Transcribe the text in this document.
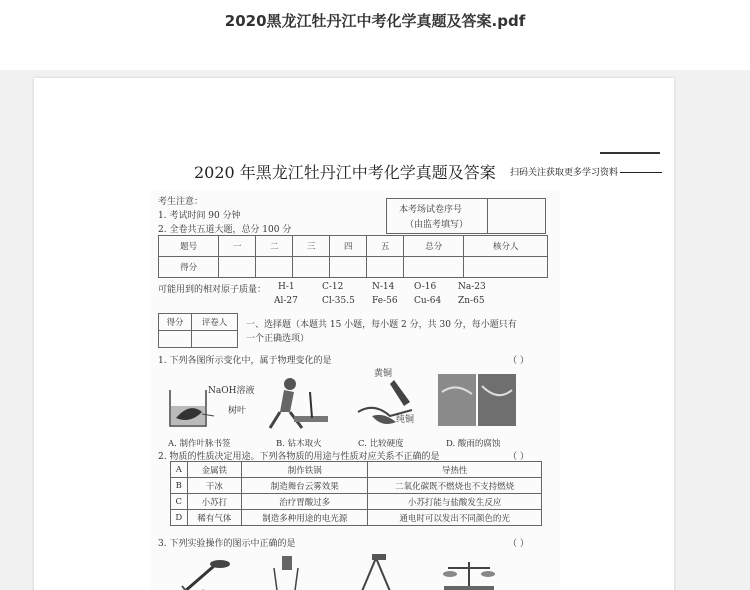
2020黑龙江牡丹江中考化学真题及答案.pdf
2020 年黑龙江牡丹江中考化学真题及答案 扫码关注获取更多学习资料
考生注意：
1. 考试时间 90 分钟
2. 全卷共五道大题，总分 100 分
本考场试卷序号
（由监考填写）
题号	一	二	三	四	五	总分	核分人
得分							
可能用到的相对原子质量： H-1	C-12	N-14 O-16 Na-23
Al-27	Cl-35.5 Fe-56 Cu-64 Zn-65
得分	评卷人
	一、选择题（本题共 15 小题，每小题 2 分，共 30 分，每小题只有
一个正确选项）
1. 下列各图所示变化中，属于物理变化的是	（ ）
NaOH溶液
树叶
黄铜
纯铜
A. 制作叶脉书签	B. 钻木取火	C. 比较硬度	D. 酸雨的腐蚀
2. 物质的性质决定用途。下列各物质的用途与性质对应关系不正确的是	（ ）
A	金属铁	制作铁锅	导热性
B	干冰	制造舞台云雾效果	二氧化碳既不燃烧也不支持燃烧
C	小苏打	治疗胃酸过多	小苏打能与盐酸发生反应
D	稀有气体	制造多种用途的电光源	通电时可以发出不同颜色的光
3. 下列实验操作的图示中正确的是	（ ）
